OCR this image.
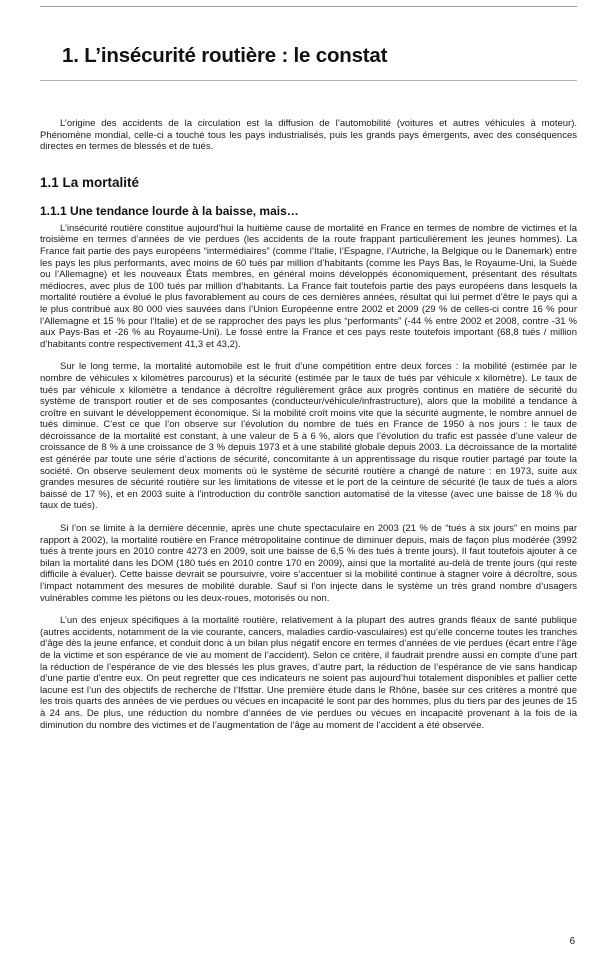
1. L’insécurité routière : le constat

L’origine des accidents de la circulation est la diffusion de l’automobilité (voitures et autres véhicules à moteur). Phénomène mondial, celle-ci a touché tous les pays industrialisés, puis les grands pays émergents, avec des conséquences directes en termes de blessés et de tués.

1.1 La mortalité
1.1.1 Une tendance lourde à la baisse, mais…

L’insécurité routière constitue aujourd’hui la huitième cause de mortalité en France en termes de nombre de victimes et la troisième en termes d’années de vie perdues (les accidents de la route frappant particulièrement les jeunes hommes). La France fait partie des pays européens “intermédiaires” (comme l’Italie, l’Espagne, l’Autriche, la Belgique ou le Danemark) entre les pays les plus performants, avec moins de 60 tués par million d’habitants (comme les Pays Bas, le Royaume-Uni, la Suède ou l’Allemagne) et les nouveaux États membres, en général moins développés économiquement, présentant des résultats médiocres, avec plus de 100 tués par million d’habitants. La France fait toutefois partie des pays européens dans lesquels la mortalité routière a évolué le plus favorablement au cours de ces dernières années, résultat qui lui permet d’être le pays qui a le plus contribué aux 80 000 vies sauvées dans l’Union Européenne entre 2002 et 2009 (29 % de celles-ci contre 16 % pour l’Allemagne et 15 % pour l’Italie) et de se rapprocher des pays les plus “performants” (-44 % entre 2002 et 2008, contre -31 % aux Pays-Bas et -26 % au Royaume-Uni). Le fossé entre la France et ces pays reste toutefois important (68,8 tués / million d’habitants contre respectivement 41,3 et 43,2).

Sur le long terme, la mortalité automobile est le fruit d’une compétition entre deux forces : la mobilité (estimée par le nombre de véhicules x kilomètres parcourus) et la sécurité (estimée par le taux de tués par véhicule x kilomètre). Le taux de tués par véhicule x kilomètre a tendance à décroître régulièrement grâce aux progrès continus en matière de sécurité du système de transport routier et de ses composantes (conducteur/véhicule/infrastructure), alors que la mobilité a tendance à croître en suivant le développement économique. Si la mobilité croît moins vite que la sécurité augmente, le nombre annuel de tués diminue. C’est ce que l’on observe sur l’évolution du nombre de tués en France de 1950 à nos jours : le taux de décroissance de la mortalité est constant, à une valeur de 5 à 6 %, alors que l’évolution du trafic est passée d’une valeur de croissance de 8 % à une croissance de 3 % depuis 1973 et à une stabilité globale depuis 2003. La décroissance de la mortalité est générée par toute une série d’actions de sécurité, concomitante à un apprentissage du risque routier partagé par toute la société. On observe seulement deux moments où le système de sécurité routière a changé de nature : en 1973, suite aux grandes mesures de sécurité routière sur les limitations de vitesse et le port de la ceinture de sécurité (le taux de tués a alors baissé de 17 %), et en 2003 suite à l’introduction du contrôle sanction automatisé de la vitesse (avec une baisse de 18 % du taux de tués).

Si l’on se limite à la dernière décennie, après une chute spectaculaire en 2003 (21 % de “tués à six jours” en moins par rapport à 2002), la mortalité routière en France métropolitaine continue de diminuer depuis, mais de façon plus modérée (3992 tués à trente jours en 2010 contre 4273 en 2009, soit une baisse de 6,5 % des tués à trente jours). Il faut toutefois ajouter à ce bilan la mortalité dans les DOM (180 tués en 2010 contre 170 en 2009), ainsi que la mortalité au-delà de trente jours (qui reste difficile à évaluer). Cette baisse devrait se poursuivre, voire s’accentuer si la mobilité continue à stagner voire à décroître, sous l’impact notamment des mesures de mobilité durable. Sauf si l’on injecte dans le système un très grand nombre d’usagers vulnérables comme les piétons ou les deux-roues, motorisés ou non.

L’un des enjeux spécifiques à la mortalité routière, relativement à la plupart des autres grands fléaux de santé publique (autres accidents, notamment de la vie courante, cancers, maladies cardio-vasculaires) est qu’elle concerne toutes les tranches d’âge dès la jeune enfance, et conduit donc à un bilan plus négatif encore en termes d’années de vie perdues (écart entre l’âge de la victime et son espérance de vie au moment de l’accident). Selon ce critère, il faudrait prendre aussi en compte d’une part la réduction de l’espérance de vie des blessés les plus graves, d’autre part, la réduction de l’espérance de vie sans handicap d’une partie d’entre eux. On peut regretter que ces indicateurs ne soient pas aujourd’hui totalement disponibles et pallier cette lacune est l’un des objectifs de recherche de l’Ifsttar. Une première étude dans le Rhône, basée sur ces critères a montré que les trois quarts des années de vie perdues ou vécues en incapacité le sont par des hommes, plus du tiers par des jeunes de 15 à 24 ans. De plus, une réduction du nombre d’années de vie perdues ou vécues en incapacité provenant à la fois de la diminution du nombre des victimes et de l’augmentation de l’âge au moment de l’accident a été observée.

6
